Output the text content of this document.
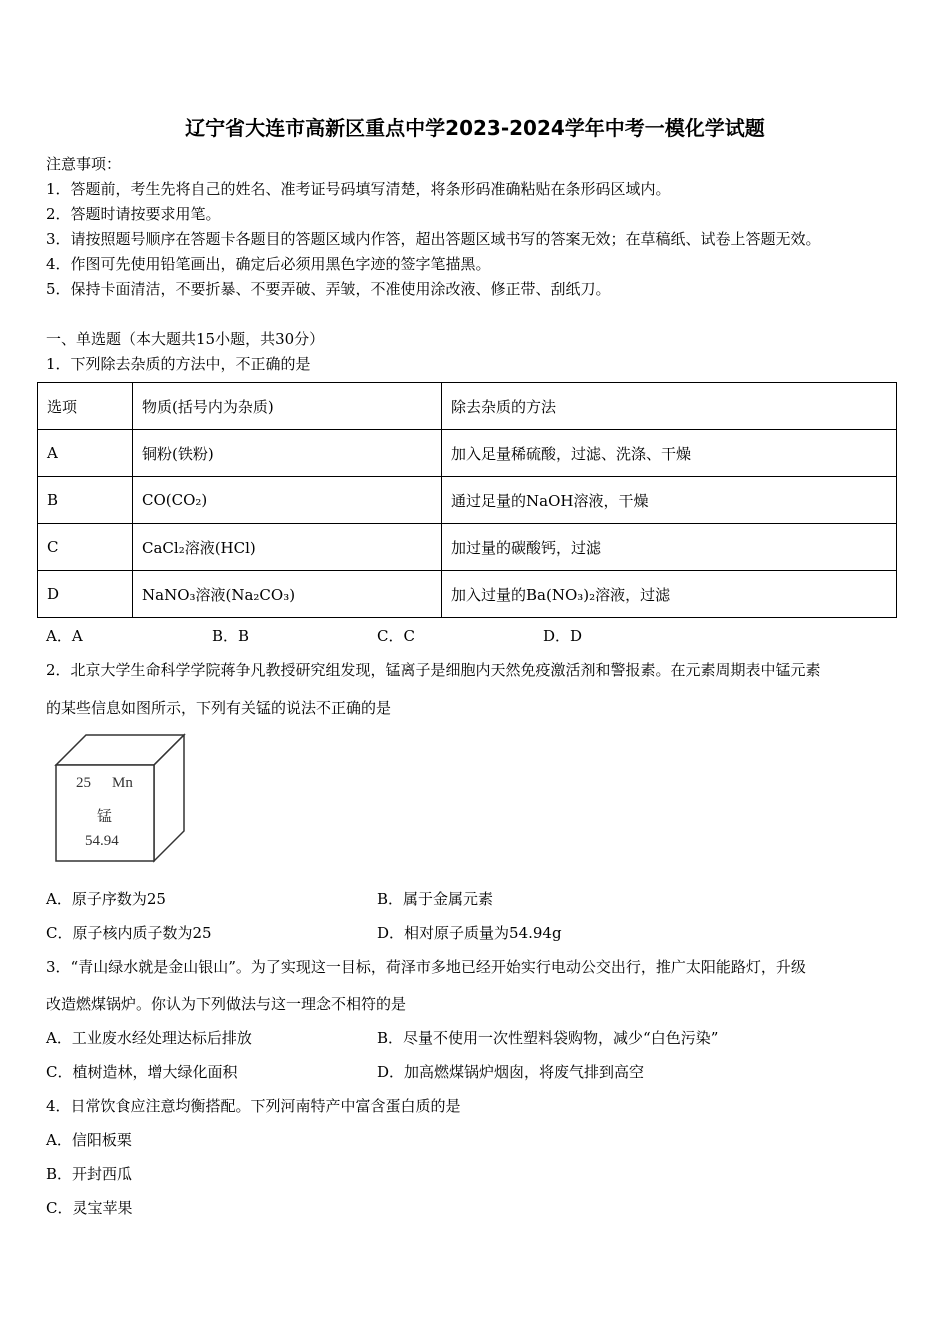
辽宁省大连市高新区重点中学2023-2024学年中考一模化学试题
注意事项：
1．答题前，考生先将自己的姓名、准考证号码填写清楚，将条形码准确粘贴在条形码区域内。
2．答题时请按要求用笔。
3．请按照题号顺序在答题卡各题目的答题区域内作答，超出答题区域书写的答案无效；在草稿纸、试卷上答题无效。
4．作图可先使用铅笔画出，确定后必须用黑色字迹的签字笔描黑。
5．保持卡面清洁，不要折暴、不要弄破、弄皱，不准使用涂改液、修正带、刮纸刀。
一、单选题（本大题共15小题，共30分）
1．下列除去杂质的方法中，不正确的是
选项	物质(括号内为杂质)	除去杂质的方法
A	铜粉(铁粉)	加入足量稀硫酸，过滤、洗涤、干燥
B	CO(CO₂)	通过足量的NaOH溶液，干燥
C	CaCl₂溶液(HCl)	加过量的碳酸钙，过滤
D	NaNO₃溶液(Na₂CO₃)	加入过量的Ba(NO₃)₂溶液，过滤
A．A	B．B	C．C	D．D
2．北京大学生命科学学院蒋争凡教授研究组发现，锰离子是细胞内天然免疫激活剂和警报素。在元素周期表中锰元素
的某些信息如图所示，下列有关锰的说法不正确的是
25 Mn
锰
54.94
A．原子序数为25	B．属于金属元素
C．原子核内质子数为25	D．相对原子质量为54.94g
3．“青山绿水就是金山银山”。为了实现这一目标，荷泽市多地已经开始实行电动公交出行，推广太阳能路灯，升级
改造燃煤锅炉。你认为下列做法与这一理念不相符的是
A．工业废水经处理达标后排放	B．尽量不使用一次性塑料袋购物，减少“白色污染”
C．植树造林，增大绿化面积	D．加高燃煤锅炉烟囱，将废气排到高空
4．日常饮食应注意均衡搭配。下列河南特产中富含蛋白质的是
A．信阳板栗
B．开封西瓜
C．灵宝苹果
